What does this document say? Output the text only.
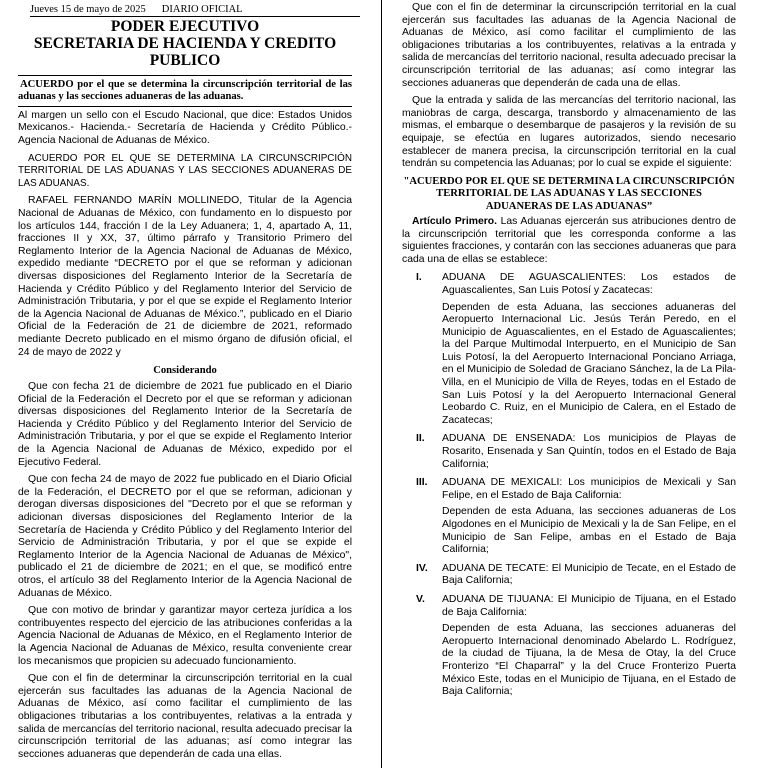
Jueves 15 de mayo de 2025 DIARIO OFICIAL
PODER EJECUTIVO
SECRETARIA DE HACIENDA Y CREDITO PUBLICO
ACUERDO por el que se determina la circunscripción territorial de las aduanas y las secciones aduaneras de las aduanas.

Al margen un sello con el Escudo Nacional, que dice: Estados Unidos Mexicanos.- Hacienda.- Secretaría de Hacienda y Crédito Público.- Agencia Nacional de Aduanas de México.

ACUERDO POR EL QUE SE DETERMINA LA CIRCUNSCRIPCIÓN TERRITORIAL DE LAS ADUANAS Y LAS SECCIONES ADUANERAS DE LAS ADUANAS.

RAFAEL FERNANDO MARÍN MOLLINEDO, Titular de la Agencia Nacional de Aduanas de México, con fundamento en lo dispuesto por los artículos 144, fracción I de la Ley Aduanera; 1, 4, apartado A, 11, fracciones II y XX, 37, último párrafo y Transitorio Primero del Reglamento Interior de la Agencia Nacional de Aduanas de México, expedido mediante “DECRETO por el que se reforman y adicionan diversas disposiciones del Reglamento Interior de la Secretaría de Hacienda y Crédito Público y del Reglamento Interior del Servicio de Administración Tributaria, y por el que se expide el Reglamento Interior de la Agencia Nacional de Aduanas de México.”, publicado en el Diario Oficial de la Federación de 21 de diciembre de 2021, reformado mediante Decreto publicado en el mismo órgano de difusión oficial, el 24 de mayo de 2022 y

Considerando

Que con fecha 21 de diciembre de 2021 fue publicado en el Diario Oficial de la Federación el Decreto por el que se reforman y adicionan diversas disposiciones del Reglamento Interior de la Secretaría de Hacienda y Crédito Público y del Reglamento Interior del Servicio de Administración Tributaria, y por el que se expide el Reglamento Interior de la Agencia Nacional de Aduanas de México, expedido por el Ejecutivo Federal.

Que con fecha 24 de mayo de 2022 fue publicado en el Diario Oficial de la Federación, el DECRETO por el que se reforman, adicionan y derogan diversas disposiciones del "Decreto por el que se reforman y adicionan diversas disposiciones del Reglamento Interior de la Secretaría de Hacienda y Crédito Público y del Reglamento Interior del Servicio de Administración Tributaria, y por el que se expide el Reglamento Interior de la Agencia Nacional de Aduanas de México", publicado el 21 de diciembre de 2021; en el que, se modificó entre otros, el artículo 38 del Reglamento Interior de la Agencia Nacional de Aduanas de México.

Que con motivo de brindar y garantizar mayor certeza jurídica a los contribuyentes respecto del ejercicio de las atribuciones conferidas a la Agencia Nacional de Aduanas de México, en el Reglamento Interior de la Agencia Nacional de Aduanas de México, resulta conveniente crear los mecanismos que propicien su adecuado funcionamiento.

Que con el fin de determinar la circunscripción territorial en la cual ejercerán sus facultades las aduanas de la Agencia Nacional de Aduanas de México, así como facilitar el cumplimiento de las obligaciones tributarias a los contribuyentes, relativas a la entrada y salida de mercancías del territorio nacional, resulta adecuado precisar la circunscripción territorial de las aduanas; así como integrar las secciones aduaneras que dependerán de cada una ellas.

Que con el fin de determinar la circunscripción territorial en la cual ejercerán sus facultades las aduanas de la Agencia Nacional de Aduanas de México, así como facilitar el cumplimiento de las obligaciones tributarias a los contribuyentes, relativas a la entrada y salida de mercancías del territorio nacional, resulta adecuado precisar la circunscripción territorial de las aduanas; así como integrar las secciones aduaneras que dependerán de cada una de ellas.

Que la entrada y salida de las mercancías del territorio nacional, las maniobras de carga, descarga, transbordo y almacenamiento de las mismas, el embarque o desembarque de pasajeros y la revisión de su equipaje, se efectúa en lugares autorizados, siendo necesario establecer de manera precisa, la circunscripción territorial en la cual tendrán su competencia las Aduanas; por lo cual se expide el siguiente:

"ACUERDO POR EL QUE SE DETERMINA LA CIRCUNSCRIPCIÓN TERRITORIAL DE LAS ADUANAS Y LAS SECCIONES ADUANERAS DE LAS ADUANAS”

Artículo Primero. Las Aduanas ejercerán sus atribuciones dentro de la circunscripción territorial que les corresponda conforme a las siguientes fracciones, y contarán con las secciones aduaneras que para cada una de ellas se establece:

I.	ADUANA DE AGUASCALIENTES: Los estados de Aguascalientes, San Luis Potosí y Zacatecas:

Dependen de esta Aduana, las secciones aduaneras del Aeropuerto Internacional Lic. Jesús Terán Peredo, en el Municipio de Aguascalientes, en el Estado de Aguascalientes; la del Parque Multimodal Interpuerto, en el Municipio de San Luis Potosí, la del Aeropuerto Internacional Ponciano Arriaga, en el Municipio de Soledad de Graciano Sánchez, la de La Pila-Villa, en el Municipio de Villa de Reyes, todas en el Estado de San Luis Potosí y la del Aeropuerto Internacional General Leobardo C. Ruiz, en el Municipio de Calera, en el Estado de Zacatecas;

II.	ADUANA DE ENSENADA: Los municipios de Playas de Rosarito, Ensenada y San Quintín, todos en el Estado de Baja California;
III.	ADUANA DE MEXICALI: Los municipios de Mexicali y San Felipe, en el Estado de Baja California:

Dependen de esta Aduana, las secciones aduaneras de Los Algodones en el Municipio de Mexicali y la de San Felipe, en el Municipio de San Felipe, ambas en el Estado de Baja California;

IV.	ADUANA DE TECATE: El Municipio de Tecate, en el Estado de Baja California;
V.	ADUANA DE TIJUANA: El Municipio de Tijuana, en el Estado de Baja California:

Dependen de esta Aduana, las secciones aduaneras del Aeropuerto Internacional denominado Abelardo L. Rodríguez, de la ciudad de Tijuana, la de Mesa de Otay, la del Cruce Fronterizo “El Chaparral” y la del Cruce Fronterizo Puerta México Este, todas en el Municipio de Tijuana, en el Estado de Baja California;
